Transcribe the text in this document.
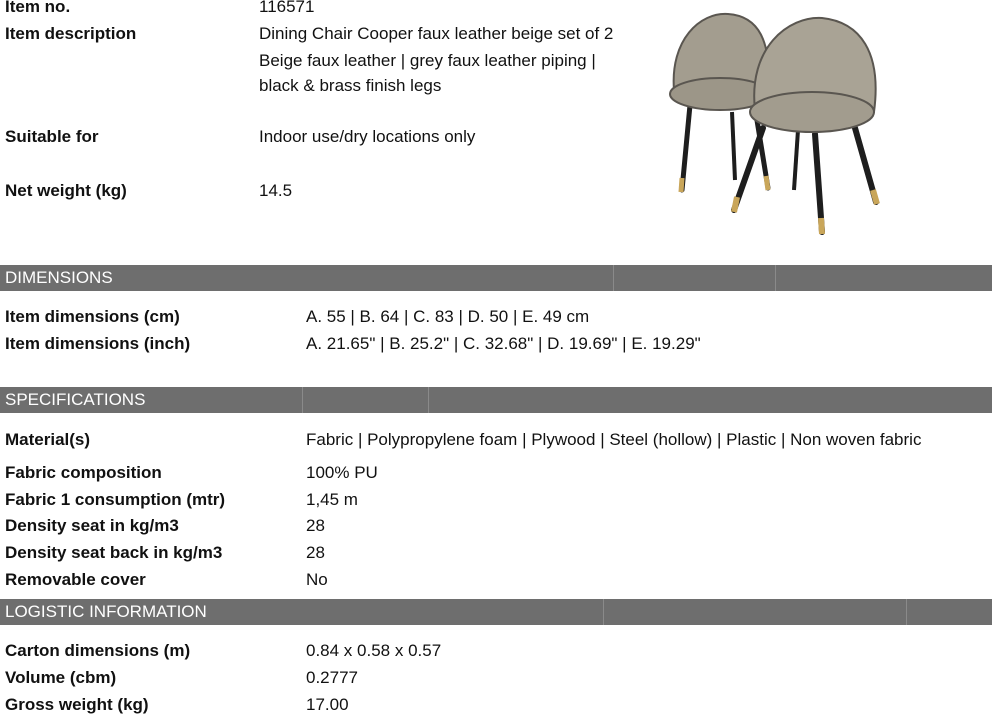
Item no.	116571
Item description	Dining Chair Cooper faux leather beige set of 2
Beige faux leather | grey faux leather piping |
black & brass finish legs
Suitable for	Indoor use/dry locations only
Net weight (kg)	14.5
DIMENSIONS
Item dimensions (cm)	A. 55 | B. 64 | C. 83 | D. 50 | E. 49 cm
Item dimensions (inch)	A. 21.65" | B. 25.2" | C. 32.68" | D. 19.69" | E. 19.29"
SPECIFICATIONS
Material(s)	Fabric | Polypropylene foam | Plywood | Steel (hollow) | Plastic | Non woven fabric
Fabric composition	100% PU
Fabric 1 consumption (mtr)	1,45 m
Density seat in kg/m3	28
Density seat back in kg/m3	28
Removable cover	No
LOGISTIC INFORMATION
Carton dimensions (m)	0.84 x 0.58 x 0.57
Volume (cbm)	0.2777
Gross weight (kg)	17.00
